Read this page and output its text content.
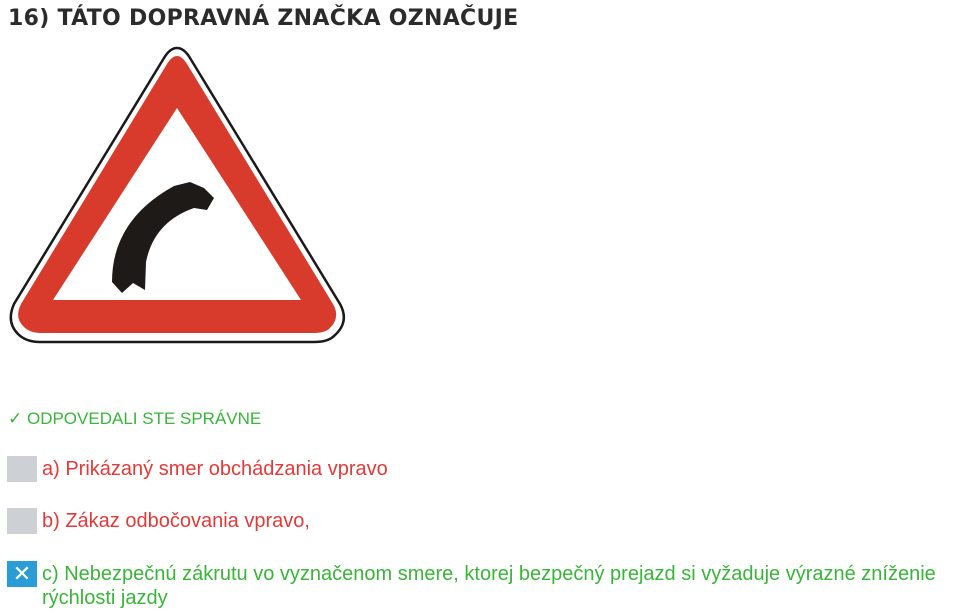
16) TÁTO DOPRAVNÁ ZNAČKA OZNAČUJE
✓ ODPOVEDALI STE SPRÁVNE
a) Prikázaný smer obchádzania vpravo
b) Zákaz odbočovania vpravo,
✕ c) Nebezpečnú zákrutu vo vyznačenom smere, ktorej bezpečný prejazd si vyžaduje výrazné zníženie rýchlosti jazdy
